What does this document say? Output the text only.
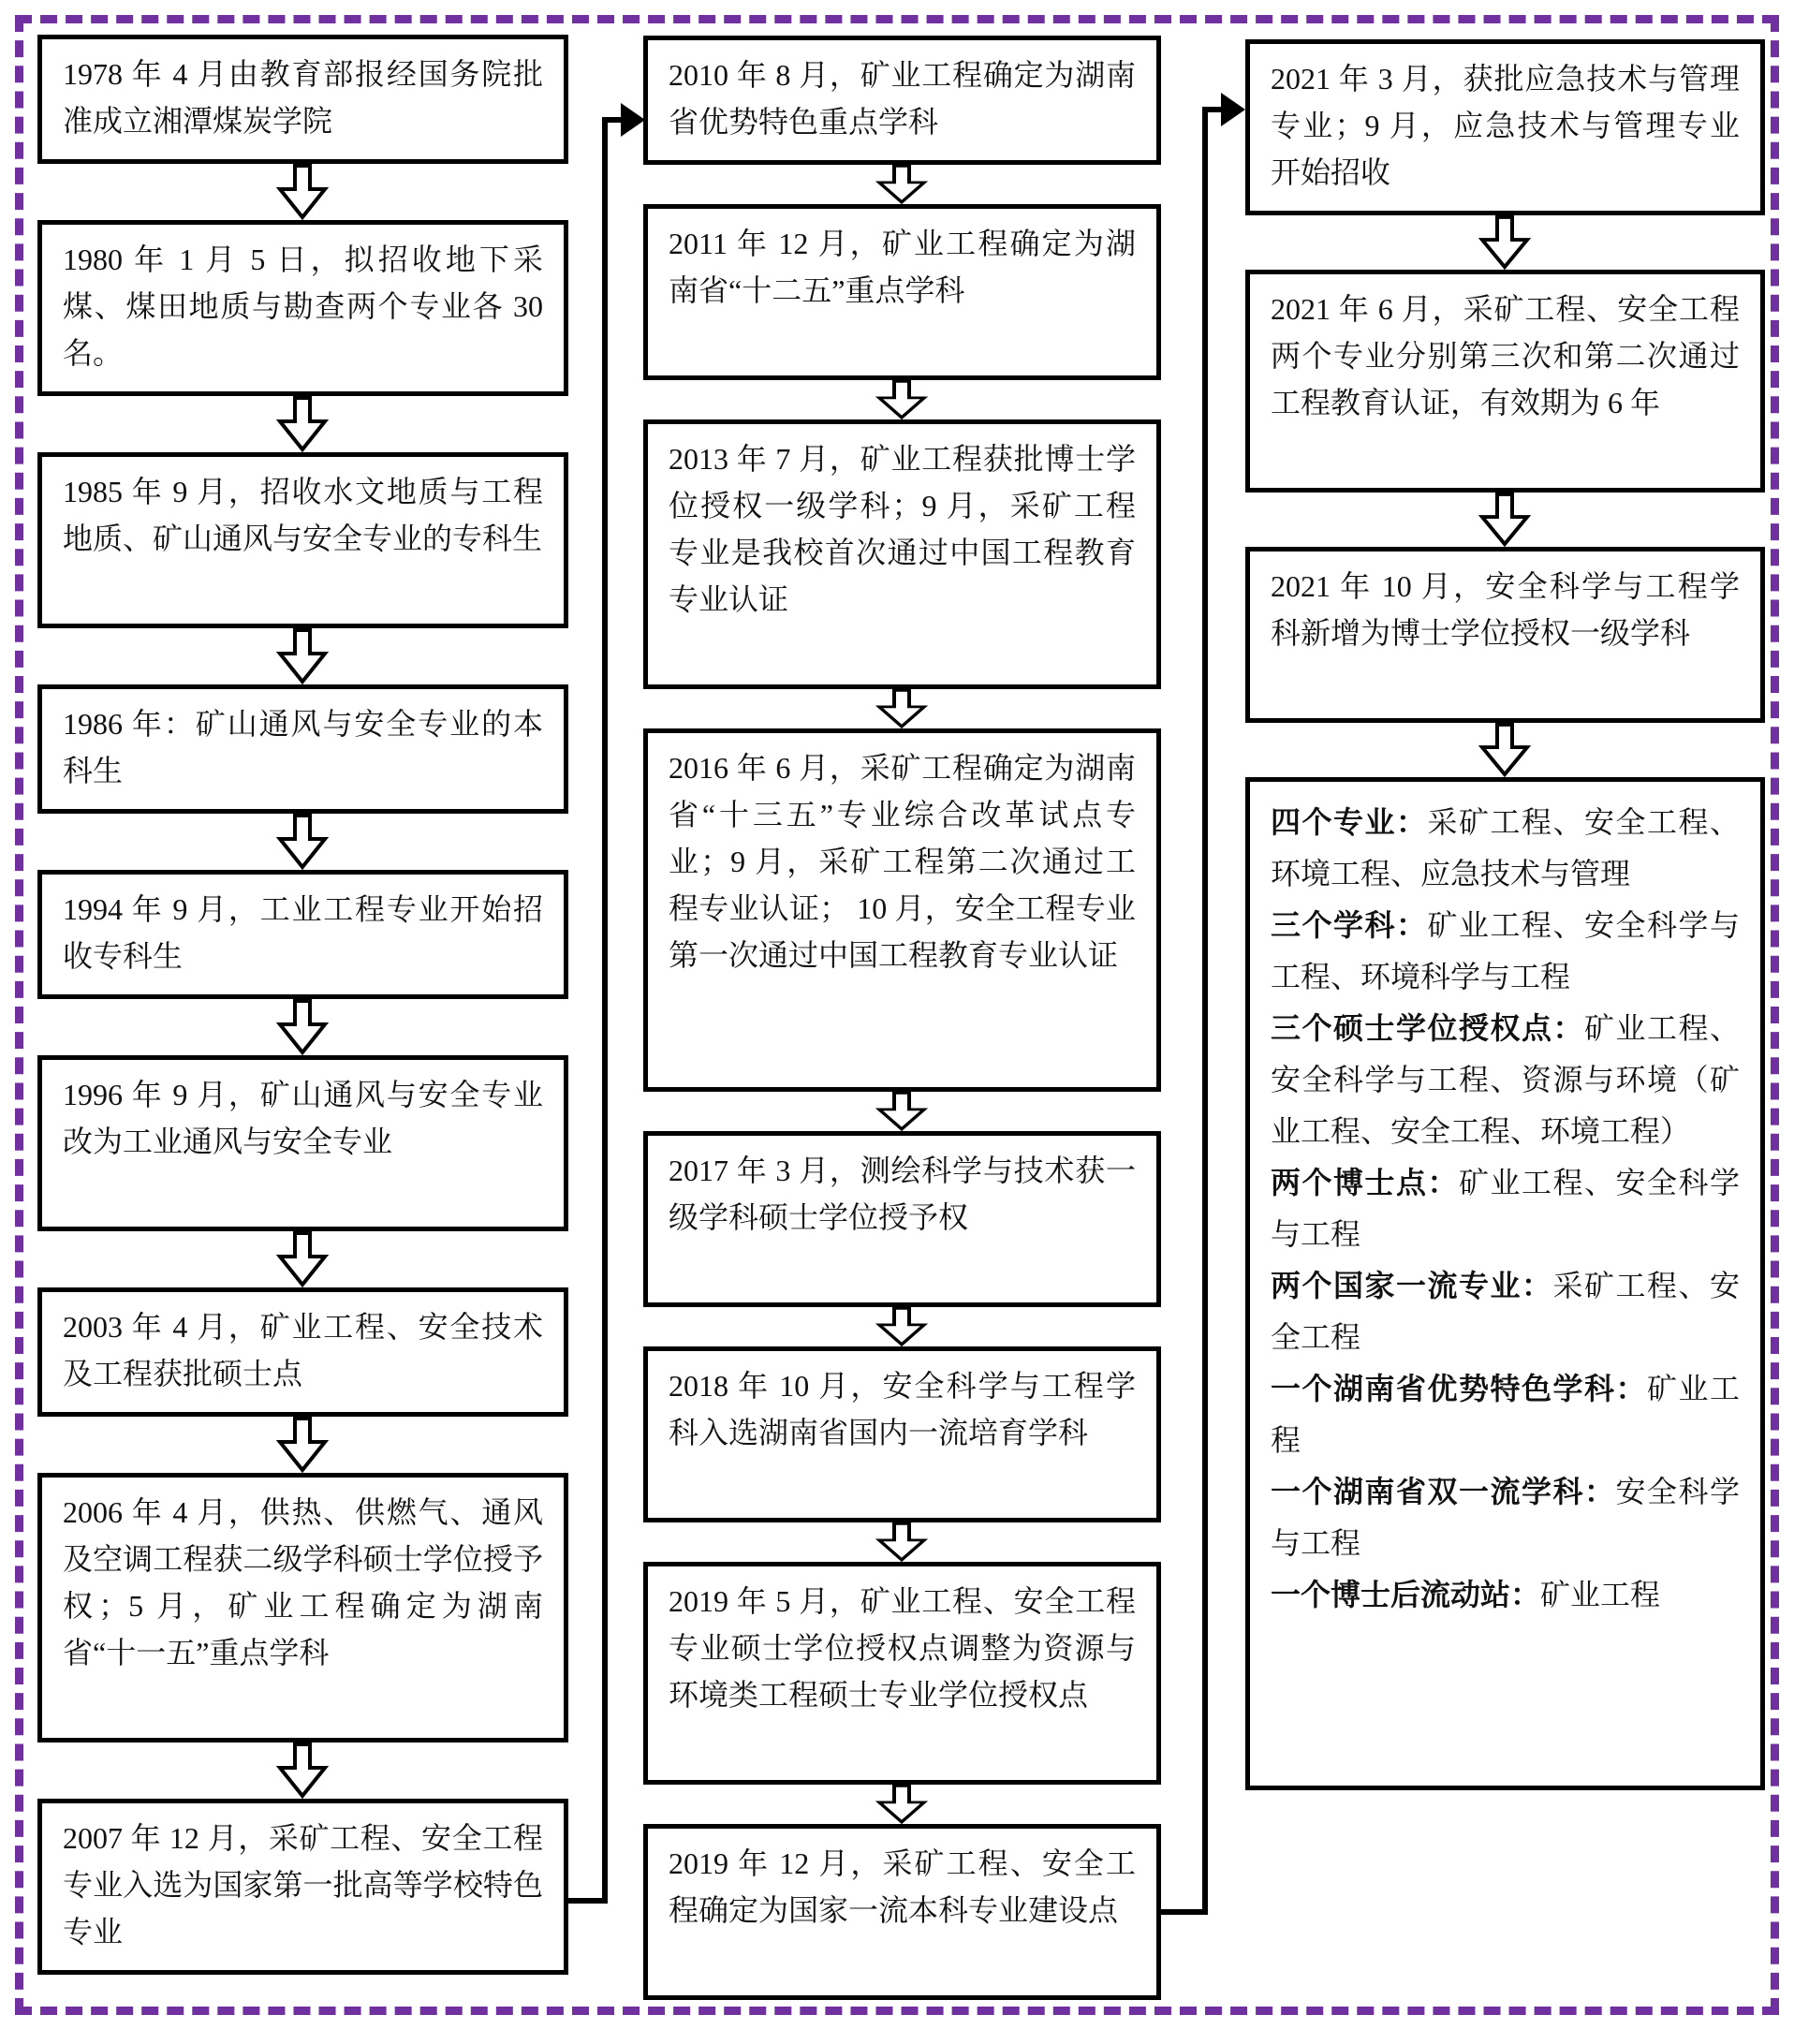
1978 年 4 月由教育部报经国务院批准成立湘潭煤炭学院
1980 年 1 月 5 日，拟招收地下采煤、煤田地质与勘查两个专业各 30 名。
1985 年 9 月，招收水文地质与工程地质、矿山通风与安全专业的专科生
1986 年：矿山通风与安全专业的本科生
1994 年 9 月，工业工程专业开始招收专科生
1996 年 9 月，矿山通风与安全专业改为工业通风与安全专业
2003 年 4 月，矿业工程、安全技术及工程获批硕士点
2006 年 4 月，供热、供燃气、通风及空调工程获二级学科硕士学位授予权；5 月，矿业工程确定为湖南省“十一五”重点学科
2007 年 12 月，采矿工程、安全工程专业入选为国家第一批高等学校特色专业
2010 年 8 月，矿业工程确定为湖南省优势特色重点学科
2011 年 12 月，矿业工程确定为湖南省“十二五”重点学科
2013 年 7 月，矿业工程获批博士学位授权一级学科；9 月，采矿工程专业是我校首次通过中国工程教育专业认证
2016 年 6 月，采矿工程确定为湖南省“十三五”专业综合改革试点专业；9 月，采矿工程第二次通过工程专业认证； 10 月，安全工程专业第一次通过中国工程教育专业认证
2017 年 3 月，测绘科学与技术获一级学科硕士学位授予权
2018 年 10 月，安全科学与工程学科入选湖南省国内一流培育学科
2019 年 5 月，矿业工程、安全工程专业硕士学位授权点调整为资源与环境类工程硕士专业学位授权点
2019 年 12 月，采矿工程、安全工程确定为国家一流本科专业建设点
2021 年 3 月，获批应急技术与管理专业；9 月，应急技术与管理专业开始招收
2021 年 6 月，采矿工程、安全工程两个专业分别第三次和第二次通过工程教育认证，有效期为 6 年
2021 年 10 月，安全科学与工程学科新增为博士学位授权一级学科
四个专业：采矿工程、安全工程、环境工程、应急技术与管理
三个学科：矿业工程、安全科学与工程、环境科学与工程
三个硕士学位授权点：矿业工程、安全科学与工程、资源与环境（矿业工程、安全工程、环境工程）
两个博士点：矿业工程、安全科学与工程
两个国家一流专业：采矿工程、安全工程
一个湖南省优势特色学科：矿业工程
一个湖南省双一流学科：安全科学与工程
一个博士后流动站：矿业工程
